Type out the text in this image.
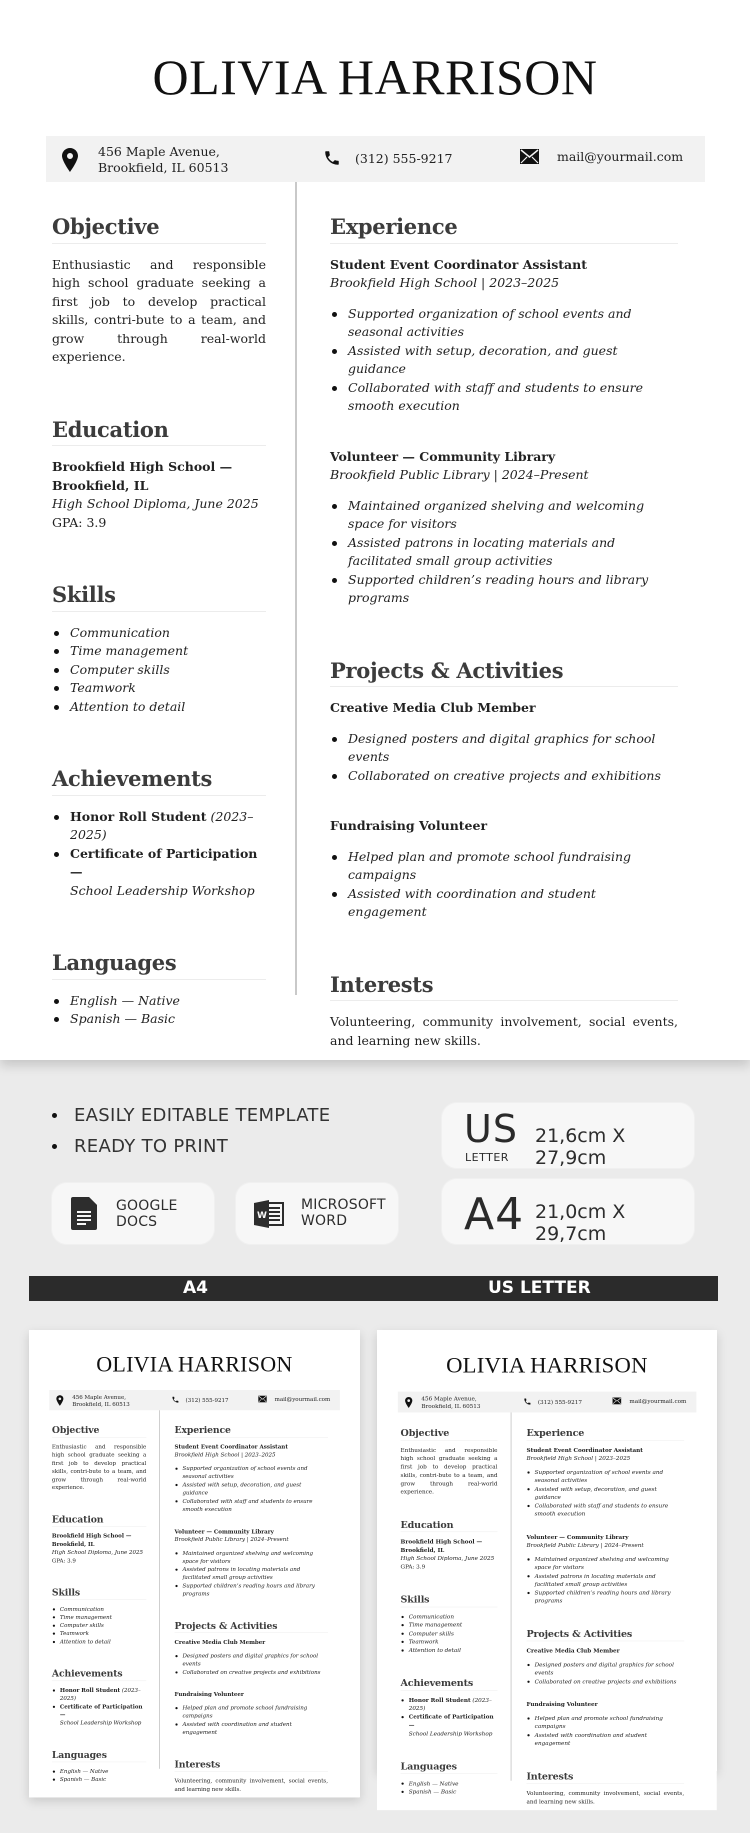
OLIVIA HARRISON
456 Maple Avenue,
Brookfield, IL 60513
(312) 555-9217	mail@yourmail.com
Objective
Enthusiastic and responsible high school graduate seeking a first job to develop practical skills, contri-bute to a team, and grow through real-world experience.
Education
Brookfield High School — Brookfield, IL
High School Diploma, June 2025
GPA: 3.9
Skills
Communication
Time management
Computer skills
Teamwork
Attention to detail
Achievements
Honor Roll Student (2023–2025)
Certificate of Participation —
School Leadership Workshop
Languages
English — Native
Spanish — Basic
Experience
Student Event Coordinator Assistant
Brookfield High School | 2023–2025
Supported organization of school events and seasonal activities
Assisted with setup, decoration, and guest guidance
Collaborated with staff and students to ensure smooth execution
Volunteer — Community Library
Brookfield Public Library | 2024–Present
Maintained organized shelving and welcoming space for visitors
Assisted patrons in locating materials and facilitated small group activities
Supported children’s reading hours and library programs
Projects & Activities
Creative Media Club Member
Designed posters and digital graphics for school events
Collaborated on creative projects and exhibitions
Fundraising Volunteer
Helped plan and promote school fundraising campaigns
Assisted with coordination and student engagement
Interests
Volunteering, community involvement, social events, and learning new skills.
EASILY EDITABLE TEMPLATE
READY TO PRINT
GOOGLE
DOCS	W
MICROSOFT
WORD
US
LETTER
21,6cm X 27,9cm
A4 21,0cm X 29,7cm
A4	US LETTER
OLIVIA HARRISON
456 Maple Avenue,
Brookfield, IL 60513
(312) 555-9217	mail@yourmail.com
Objective
Enthusiastic and responsible high school graduate seeking a first job to develop practical skills, contri-bute to a team, and grow through real-world experience.
Education
Brookfield High School — Brookfield, IL
High School Diploma, June 2025
GPA: 3.9
Skills
Communication
Time management
Computer skills
Teamwork
Attention to detail
Achievements
Honor Roll Student (2023–2025)
Certificate of Participation —
School Leadership Workshop
Languages
English — Native
Spanish — Basic
Experience
Student Event Coordinator Assistant
Brookfield High School | 2023–2025
Supported organization of school events and seasonal activities
Assisted with setup, decoration, and guest guidance
Collaborated with staff and students to ensure smooth execution
Volunteer — Community Library
Brookfield Public Library | 2024–Present
Maintained organized shelving and welcoming space for visitors
Assisted patrons in locating materials and facilitated small group activities
Supported children’s reading hours and library programs
Projects & Activities
Creative Media Club Member
Designed posters and digital graphics for school events
Collaborated on creative projects and exhibitions
Fundraising Volunteer
Helped plan and promote school fundraising campaigns
Assisted with coordination and student engagement
Interests
Volunteering, community involvement, social events, and learning new skills.
OLIVIA HARRISON
456 Maple Avenue,
Brookfield, IL 60513
(312) 555-9217	mail@yourmail.com
Objective
Enthusiastic and responsible high school graduate seeking a first job to develop practical skills, contri-bute to a team, and grow through real-world experience.
Education
Brookfield High School — Brookfield, IL
High School Diploma, June 2025
GPA: 3.9
Skills
Communication
Time management
Computer skills
Teamwork
Attention to detail
Achievements
Honor Roll Student (2023–2025)
Certificate of Participation —
School Leadership Workshop
Languages
English — Native
Spanish — Basic
Experience
Student Event Coordinator Assistant
Brookfield High School | 2023–2025
Supported organization of school events and seasonal activities
Assisted with setup, decoration, and guest guidance
Collaborated with staff and students to ensure smooth execution
Volunteer — Community Library
Brookfield Public Library | 2024–Present
Maintained organized shelving and welcoming space for visitors
Assisted patrons in locating materials and facilitated small group activities
Supported children’s reading hours and library programs
Projects & Activities
Creative Media Club Member
Designed posters and digital graphics for school events
Collaborated on creative projects and exhibitions
Fundraising Volunteer
Helped plan and promote school fundraising campaigns
Assisted with coordination and student engagement
Interests
Volunteering, community involvement, social events, and learning new skills.
